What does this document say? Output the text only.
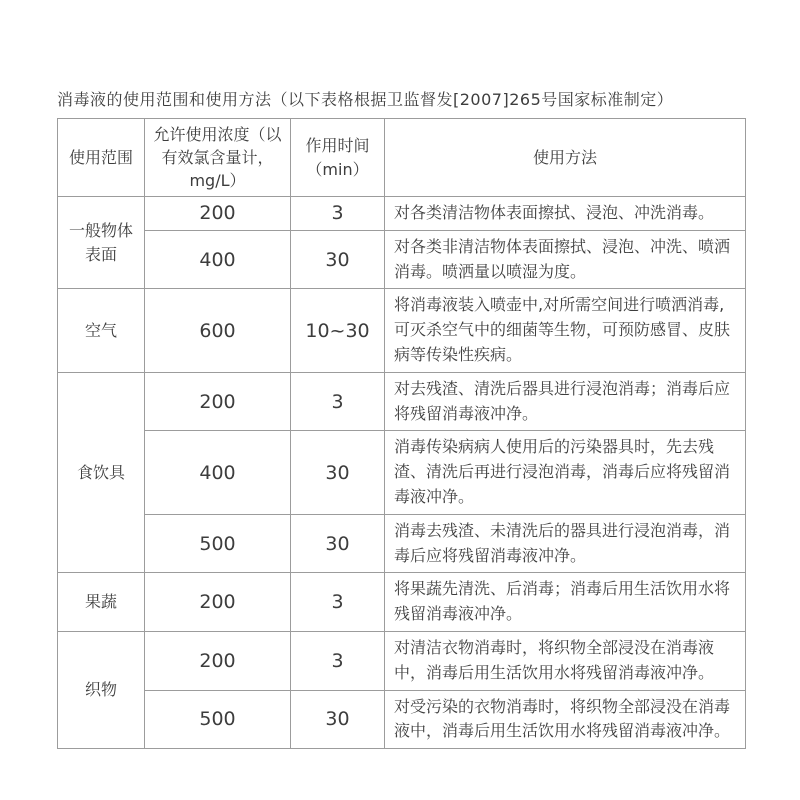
消毒液的使用范围和使用方法（以下表格根据卫监督发[2007]265号国家标准制定）
使用范围	允许使用浓度（以有效氯含量计，mg/L）	作用时间（min）	使用方法
一般物体表面	200	3	对各类清洁物体表面擦拭、浸泡、冲洗消毒。
	400	30	对各类非清洁物体表面擦拭、浸泡、冲洗、喷洒消毒。喷洒量以喷湿为度。
空气	600	10~30	将消毒液装入喷壶中,对所需空间进行喷洒消毒,可灭杀空气中的细菌等生物，可预防感冒、皮肤病等传染性疾病。
食饮具	200	3	对去残渣、清洗后器具进行浸泡消毒；消毒后应将残留消毒液冲净。
	400	30	消毒传染病病人使用后的污染器具时，先去残渣、清洗后再进行浸泡消毒，消毒后应将残留消毒液冲净。
	500	30	消毒去残渣、未清洗后的器具进行浸泡消毒，消毒后应将残留消毒液冲净。
果蔬	200	3	将果蔬先清洗、后消毒；消毒后用生活饮用水将残留消毒液冲净。
织物	200	3	对清洁衣物消毒时，将织物全部浸没在消毒液中，消毒后用生活饮用水将残留消毒液冲净。
	500	30	对受污染的衣物消毒时，将织物全部浸没在消毒液中，消毒后用生活饮用水将残留消毒液冲净。
